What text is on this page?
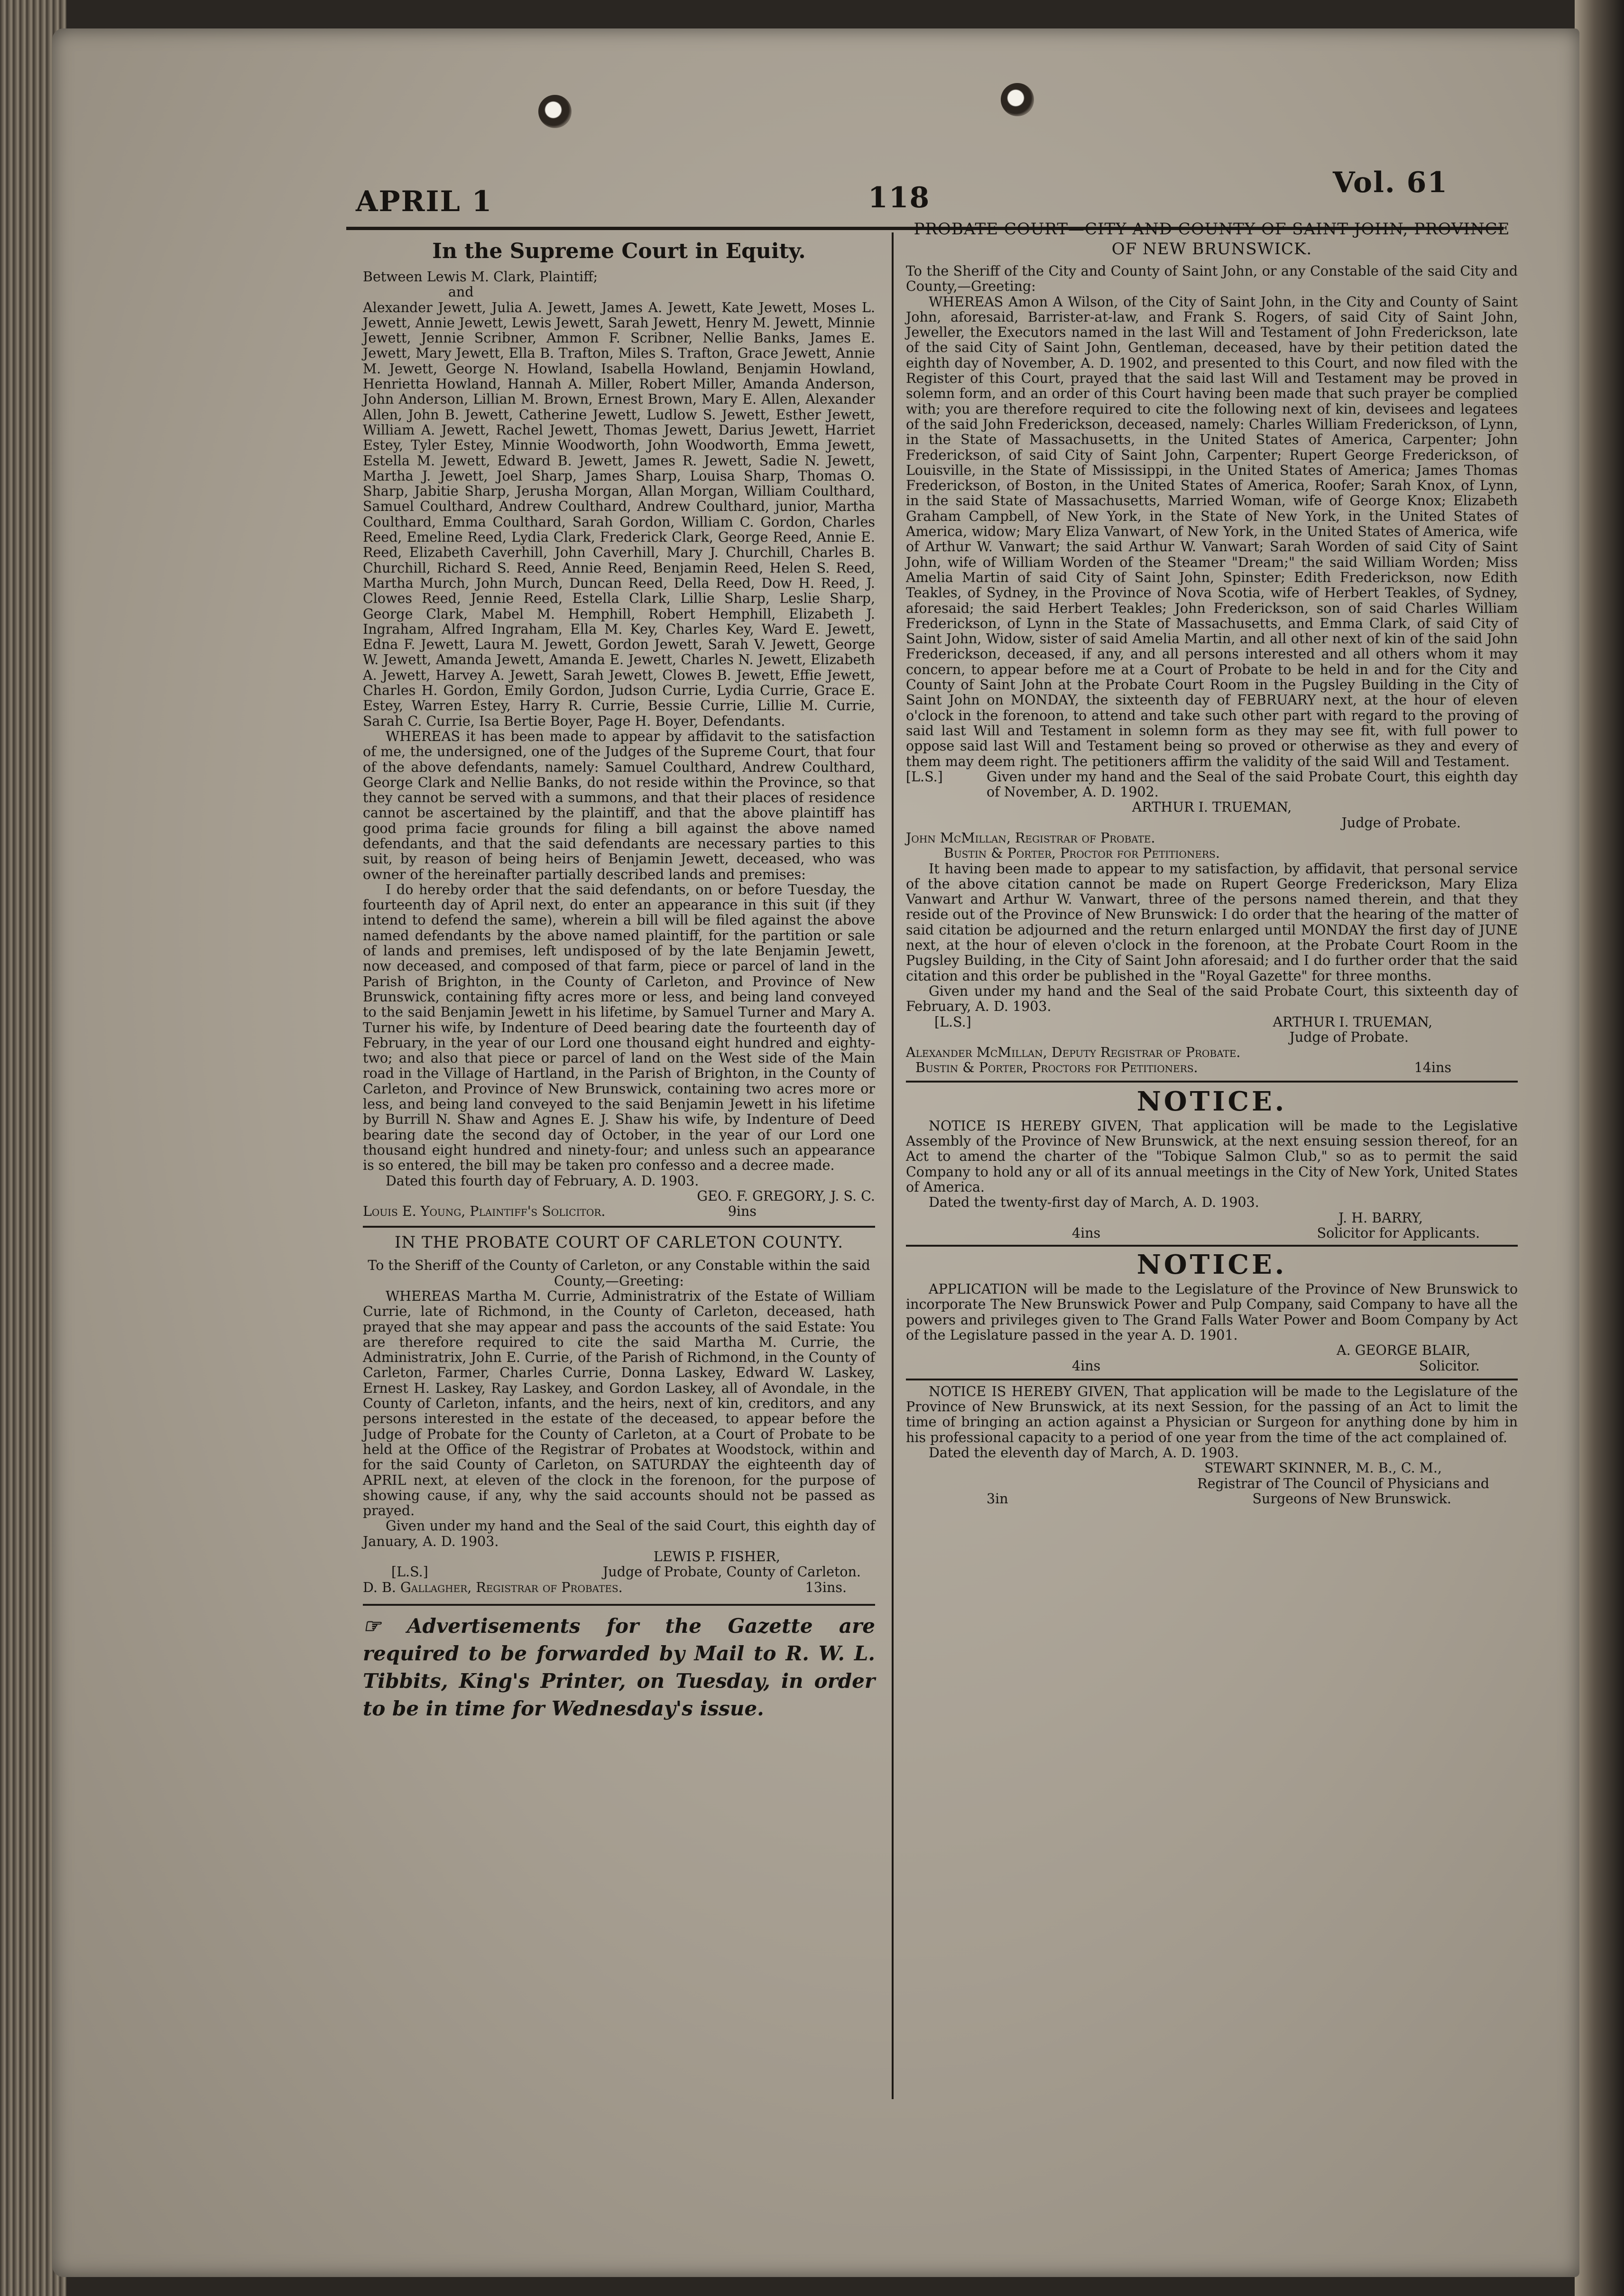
APRIL 1	118	Vol. 61
In the Supreme Court in Equity.

Between Lewis M. Clark, Plaintiff;

and

Alexander Jewett, Julia A. Jewett, James A. Jewett, Kate Jewett, Moses L. Jewett, Annie Jewett, Lewis Jewett, Sarah Jewett, Henry M. Jewett, Minnie Jewett, Jennie Scribner, Ammon F. Scribner, Nellie Banks, James E. Jewett, Mary Jewett, Ella B. Trafton, Miles S. Trafton, Grace Jewett, Annie M. Jewett, George N. Howland, Isabella Howland, Benjamin Howland, Henrietta Howland, Hannah A. Miller, Robert Miller, Amanda Anderson, John Anderson, Lillian M. Brown, Ernest Brown, Mary E. Allen, Alexander Allen, John B. Jewett, Catherine Jewett, Ludlow S. Jewett, Esther Jewett, William A. Jewett, Rachel Jewett, Thomas Jewett, Darius Jewett, Harriet Estey, Tyler Estey, Minnie Woodworth, John Woodworth, Emma Jewett, Estella M. Jewett, Edward B. Jewett, James R. Jewett, Sadie N. Jewett, Martha J. Jewett, Joel Sharp, James Sharp, Louisa Sharp, Thomas O. Sharp, Jabitie Sharp, Jerusha Morgan, Allan Morgan, William Coulthard, Samuel Coulthard, Andrew Coulthard, Andrew Coulthard, junior, Martha Coulthard, Emma Coulthard, Sarah Gordon, William C. Gordon, Charles Reed, Emeline Reed, Lydia Clark, Frederick Clark, George Reed, Annie E. Reed, Elizabeth Caverhill, John Caverhill, Mary J. Churchill, Charles B. Churchill, Richard S. Reed, Annie Reed, Benjamin Reed, Helen S. Reed, Martha Murch, John Murch, Duncan Reed, Della Reed, Dow H. Reed, J. Clowes Reed, Jennie Reed, Estella Clark, Lillie Sharp, Leslie Sharp, George Clark, Mabel M. Hemphill, Robert Hemphill, Elizabeth J. Ingraham, Alfred Ingraham, Ella M. Key, Charles Key, Ward E. Jewett, Edna F. Jewett, Laura M. Jewett, Gordon Jewett, Sarah V. Jewett, George W. Jewett, Amanda Jewett, Amanda E. Jewett, Charles N. Jewett, Elizabeth A. Jewett, Harvey A. Jewett, Sarah Jewett, Clowes B. Jewett, Effie Jewett, Charles H. Gordon, Emily Gordon, Judson Currie, Lydia Currie, Grace E. Estey, Warren Estey, Harry R. Currie, Bessie Currie, Lillie M. Currie, Sarah C. Currie, Isa Bertie Boyer, Page H. Boyer, Defendants.

WHEREAS it has been made to appear by affidavit to the satisfaction of me, the undersigned, one of the Judges of the Supreme Court, that four of the above defendants, namely: Samuel Coulthard, Andrew Coulthard, George Clark and Nellie Banks, do not reside within the Province, so that they cannot be served with a summons, and that their places of residence cannot be ascertained by the plaintiff, and that the above plaintiff has good prima facie grounds for filing a bill against the above named defendants, and that the said defendants are necessary parties to this suit, by reason of being heirs of Benjamin Jewett, deceased, who was owner of the hereinafter partially described lands and premises:

I do hereby order that the said defendants, on or before Tuesday, the fourteenth day of April next, do enter an appearance in this suit (if they intend to defend the same), wherein a bill will be filed against the above named defendants by the above named plaintiff, for the partition or sale of lands and premises, left undisposed of by the late Benjamin Jewett, now deceased, and composed of that farm, piece or parcel of land in the Parish of Brighton, in the County of Carleton, and Province of New Brunswick, containing fifty acres more or less, and being land conveyed to the said Benjamin Jewett in his lifetime, by Samuel Turner and Mary A. Turner his wife, by Indenture of Deed bearing date the fourteenth day of February, in the year of our Lord one thousand eight hundred and eighty-two; and also that piece or parcel of land on the West side of the Main road in the Village of Hartland, in the Parish of Brighton, in the County of Carleton, and Province of New Brunswick, containing two acres more or less, and being land conveyed to the said Benjamin Jewett in his lifetime by Burrill N. Shaw and Agnes E. J. Shaw his wife, by Indenture of Deed bearing date the second day of October, in the year of our Lord one thousand eight hundred and ninety-four; and unless such an appearance is so entered, the bill may be taken pro confesso and a decree made.

Dated this fourth day of February, A. D. 1903.

GEO. F. GREGORY, J. S. C.

Louis E. Young, Plaintiff's Solicitor.	9ins
IN THE PROBATE COURT OF CARLETON COUNTY.

To the Sheriff of the County of Carleton, or any Constable within the said County,—Greeting:

WHEREAS Martha M. Currie, Administratrix of the Estate of William Currie, late of Richmond, in the County of Carleton, deceased, hath prayed that she may appear and pass the accounts of the said Estate: You are therefore required to cite the said Martha M. Currie, the Administratrix, John E. Currie, of the Parish of Richmond, in the County of Carleton, Farmer, Charles Currie, Donna Laskey, Edward W. Laskey, Ernest H. Laskey, Ray Laskey, and Gordon Laskey, all of Avondale, in the County of Carleton, infants, and the heirs, next of kin, creditors, and any persons interested in the estate of the deceased, to appear before the Judge of Probate for the County of Carleton, at a Court of Probate to be held at the Office of the Registrar of Probates at Woodstock, within and for the said County of Carleton, on SATURDAY the eighteenth day of APRIL next, at eleven of the clock in the forenoon, for the purpose of showing cause, if any, why the said accounts should not be passed as prayed.

Given under my hand and the Seal of the said Court, this eighth day of January, A. D. 1903.

LEWIS P. FISHER,

[L.S.]	Judge of Probate, County of Carleton.
D. B. Gallagher, Registrar of Probates.	13ins.

☞ Advertisements for the Gazette are required to be forwarded by Mail to R. W. L. Tibbits, King's Printer, on Tuesday, in order to be in time for Wednesday's issue.

PROBATE COURT—CITY AND COUNTY OF SAINT JOHN, PROVINCE OF NEW BRUNSWICK.

To the Sheriff of the City and County of Saint John, or any Constable of the said City and County,—Greeting:

WHEREAS Amon A Wilson, of the City of Saint John, in the City and County of Saint John, aforesaid, Barrister-at-law, and Frank S. Rogers, of said City of Saint John, Jeweller, the Executors named in the last Will and Testament of John Frederickson, late of the said City of Saint John, Gentleman, deceased, have by their petition dated the eighth day of November, A. D. 1902, and presented to this Court, and now filed with the Register of this Court, prayed that the said last Will and Testament may be proved in solemn form, and an order of this Court having been made that such prayer be complied with; you are therefore required to cite the following next of kin, devisees and legatees of the said John Frederickson, deceased, namely: Charles William Frederickson, of Lynn, in the State of Massachusetts, in the United States of America, Carpenter; John Frederickson, of said City of Saint John, Carpenter; Rupert George Frederickson, of Louisville, in the State of Mississippi, in the United States of America; James Thomas Frederickson, of Boston, in the United States of America, Roofer; Sarah Knox, of Lynn, in the said State of Massachusetts, Married Woman, wife of George Knox; Elizabeth Graham Campbell, of New York, in the State of New York, in the United States of America, widow; Mary Eliza Vanwart, of New York, in the United States of America, wife of Arthur W. Vanwart; the said Arthur W. Vanwart; Sarah Worden of said City of Saint John, wife of William Worden of the Steamer "Dream;" the said William Worden; Miss Amelia Martin of said City of Saint John, Spinster; Edith Frederickson, now Edith Teakles, of Sydney, in the Province of Nova Scotia, wife of Herbert Teakles, of Sydney, aforesaid; the said Herbert Teakles; John Frederickson, son of said Charles William Frederickson, of Lynn in the State of Massachusetts, and Emma Clark, of said City of Saint John, Widow, sister of said Amelia Martin, and all other next of kin of the said John Frederickson, deceased, if any, and all persons interested and all others whom it may concern, to appear before me at a Court of Probate to be held in and for the City and County of Saint John at the Probate Court Room in the Pugsley Building in the City of Saint John on MONDAY, the sixteenth day of FEBRUARY next, at the hour of eleven o'clock in the forenoon, to attend and take such other part with regard to the proving of said last Will and Testament in solemn form as they may see fit, with full power to oppose said last Will and Testament being so proved or otherwise as they and every of them may deem right. The petitioners affirm the validity of the said Will and Testament.

[L.S.]	Given under my hand and the Seal of the said Probate Court, this eighth day of November, A. D. 1902.

ARTHUR I. TRUEMAN,

Judge of Probate.

John McMillan, Registrar of Probate.

Bustin & Porter, Proctor for Petitioners.

It having been made to appear to my satisfaction, by affidavit, that personal service of the above citation cannot be made on Rupert George Frederickson, Mary Eliza Vanwart and Arthur W. Vanwart, three of the persons named therein, and that they reside out of the Province of New Brunswick: I do order that the hearing of the matter of said citation be adjourned and the return enlarged until MONDAY the first day of JUNE next, at the hour of eleven o'clock in the forenoon, at the Probate Court Room in the Pugsley Building, in the City of Saint John aforesaid; and I do further order that the said citation and this order be published in the "Royal Gazette" for three months.

Given under my hand and the Seal of the said Probate Court, this sixteenth day of February, A. D. 1903.

[L.S.]	ARTHUR I. TRUEMAN,

Judge of Probate.

Alexander McMillan, Deputy Registrar of Probate.

Bustin & Porter, Proctors for Petitioners.	14ins
NOTICE.

NOTICE IS HEREBY GIVEN, That application will be made to the Legislative Assembly of the Province of New Brunswick, at the next ensuing session thereof, for an Act to amend the charter of the "Tobique Salmon Club," so as to permit the said Company to hold any or all of its annual meetings in the City of New York, United States of America.

Dated the twenty-first day of March, A. D. 1903.

J. H. BARRY,

4ins	Solicitor for Applicants.
NOTICE.

APPLICATION will be made to the Legislature of the Province of New Brunswick to incorporate The New Brunswick Power and Pulp Company, said Company to have all the powers and privileges given to The Grand Falls Water Power and Boom Company by Act of the Legislature passed in the year A. D. 1901.

A. GEORGE BLAIR,

4ins	Solicitor.

NOTICE IS HEREBY GIVEN, That application will be made to the Legislature of the Province of New Brunswick, at its next Session, for the passing of an Act to limit the time of bringing an action against a Physician or Surgeon for anything done by him in his professional capacity to a period of one year from the time of the act complained of.

Dated the eleventh day of March, A. D. 1903.

STEWART SKINNER, M. B., C. M.,

Registrar of The Council of Physicians and

3in	Surgeons of New Brunswick.
